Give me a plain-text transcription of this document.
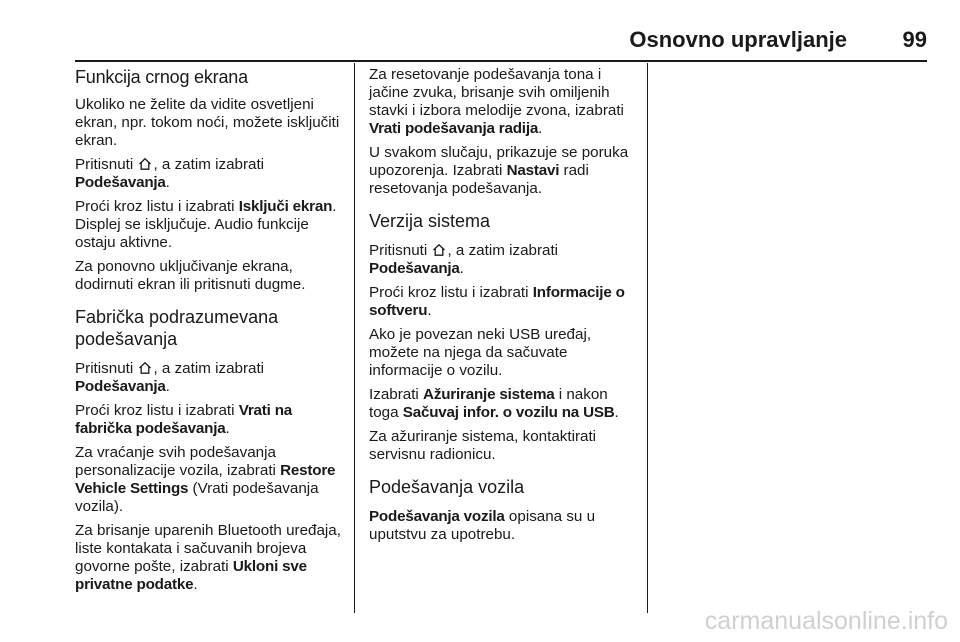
Osnovno upravljanje	99
Funkcija crnog ekrana

Ukoliko ne želite da vidite osvetljeni ekran, npr. tokom noći, možete isključiti ekran.

Pritisnuti , a zatim izabrati
Podešavanja.

Proći kroz listu i izabrati Isključi ekran. Displej se isključuje. Audio funkcije ostaju aktivne.

Za ponovno uključivanje ekrana, dodirnuti ekran ili pritisnuti dugme.

Fabrička podrazumevana podešavanja

Pritisnuti , a zatim izabrati
Podešavanja.

Proći kroz listu i izabrati Vrati na fabrička podešavanja.

Za vraćanje svih podešavanja personalizacije vozila, izabrati Restore Vehicle Settings (Vrati podešavanja vozila).

Za brisanje uparenih Bluetooth uređaja, liste kontakata i sačuvanih brojeva govorne pošte, izabrati Ukloni sve privatne podatke.

Za resetovanje podešavanja tona i jačine zvuka, brisanje svih omiljenih stavki i izbora melodije zvona, izabrati Vrati podešavanja radija.

U svakom slučaju, prikazuje se poruka upozorenja. Izabrati Nastavi radi resetovanja podešavanja.

Verzija sistema

Pritisnuti , a zatim izabrati
Podešavanja.

Proći kroz listu i izabrati Informacije o softveru.

Ako je povezan neki USB uređaj, možete na njega da sačuvate informacije o vozilu.

Izabrati Ažuriranje sistema i nakon toga Sačuvaj infor. o vozilu na USB.

Za ažuriranje sistema, kontaktirati servisnu radionicu.

Podešavanja vozila

Podešavanja vozila opisana su u uputstvu za upotrebu.

carmanualsonline.info
